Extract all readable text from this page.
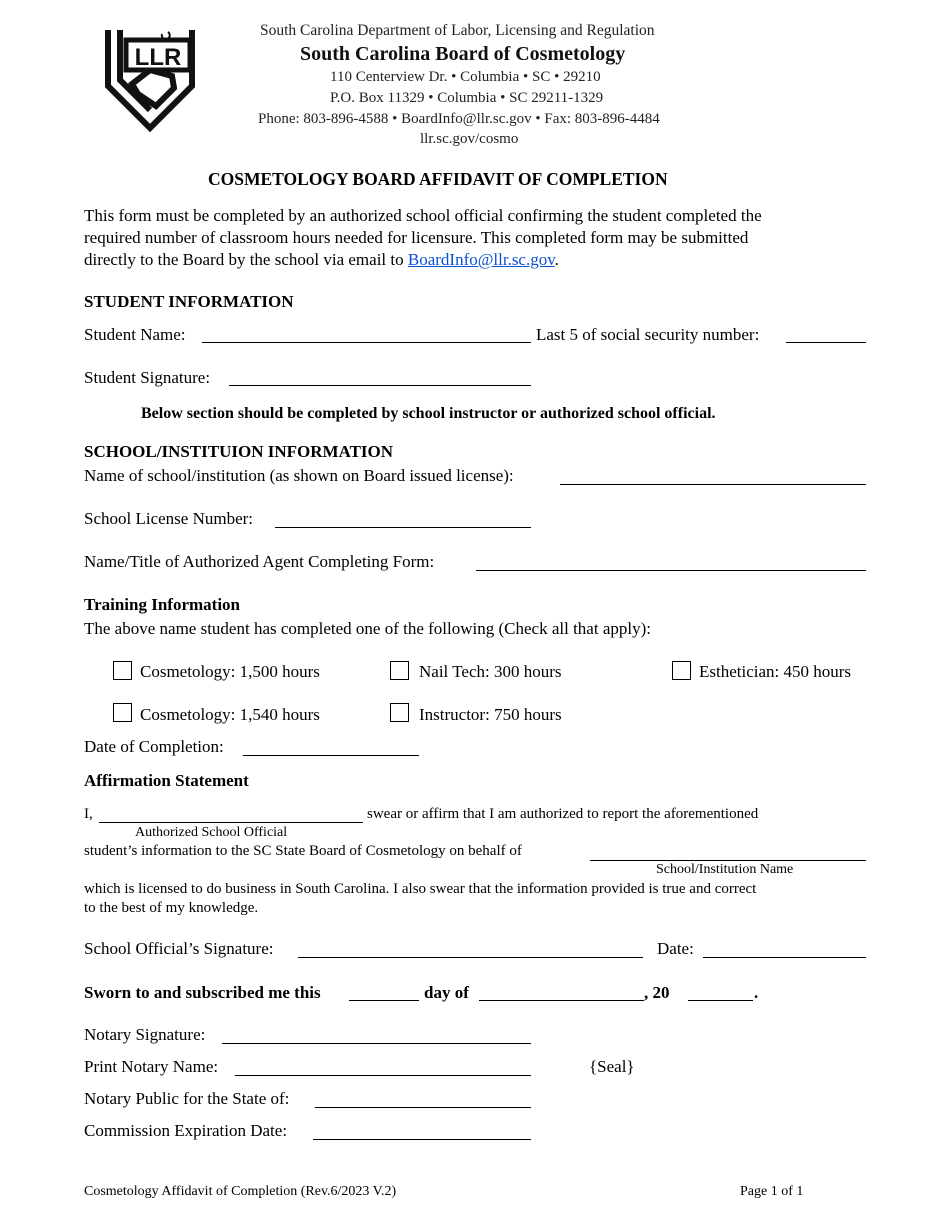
LLR
South Carolina Department of Labor, Licensing and Regulation
South Carolina Board of Cosmetology
110 Centerview Dr. • Columbia • SC • 29210
P.O. Box 11329 • Columbia • SC 29211-1329
Phone: 803-896-4588 • BoardInfo@llr.sc.gov • Fax: 803-896-4484
llr.sc.gov/cosmo
COSMETOLOGY BOARD AFFIDAVIT OF COMPLETION
This form must be completed by an authorized school official confirming the student completed the
required number of classroom hours needed for licensure. This completed form may be submitted
directly to the Board by the school via email to BoardInfo@llr.sc.gov.
STUDENT INFORMATION
Student Name:	Last 5 of social security number:
Student Signature:
Below section should be completed by school instructor or authorized school official.
SCHOOL/INSTITUION INFORMATION
Name of school/institution (as shown on Board issued license):
School License Number:
Name/Title of Authorized Agent Completing Form:
Training Information
The above name student has completed one of the following (Check all that apply):
Cosmetology: 1,500 hours	Nail Tech: 300 hours	Esthetician: 450 hours
Cosmetology: 1,540 hours	Instructor: 750 hours
Date of Completion:
Affirmation Statement
I,	swear or affirm that I am authorized to report the aforementioned
Authorized School Official
student’s information to the SC State Board of Cosmetology on behalf of
School/Institution Name
which is licensed to do business in South Carolina. I also swear that the information provided is true and correct
to the best of my knowledge.
School Official’s Signature:	Date:
Sworn to and subscribed me this	day of	, 20	.
Notary Signature:
Print Notary Name:	{Seal}
Notary Public for the State of:
Commission Expiration Date:
Cosmetology Affidavit of Completion (Rev.6/2023 V.2)	Page 1 of 1
